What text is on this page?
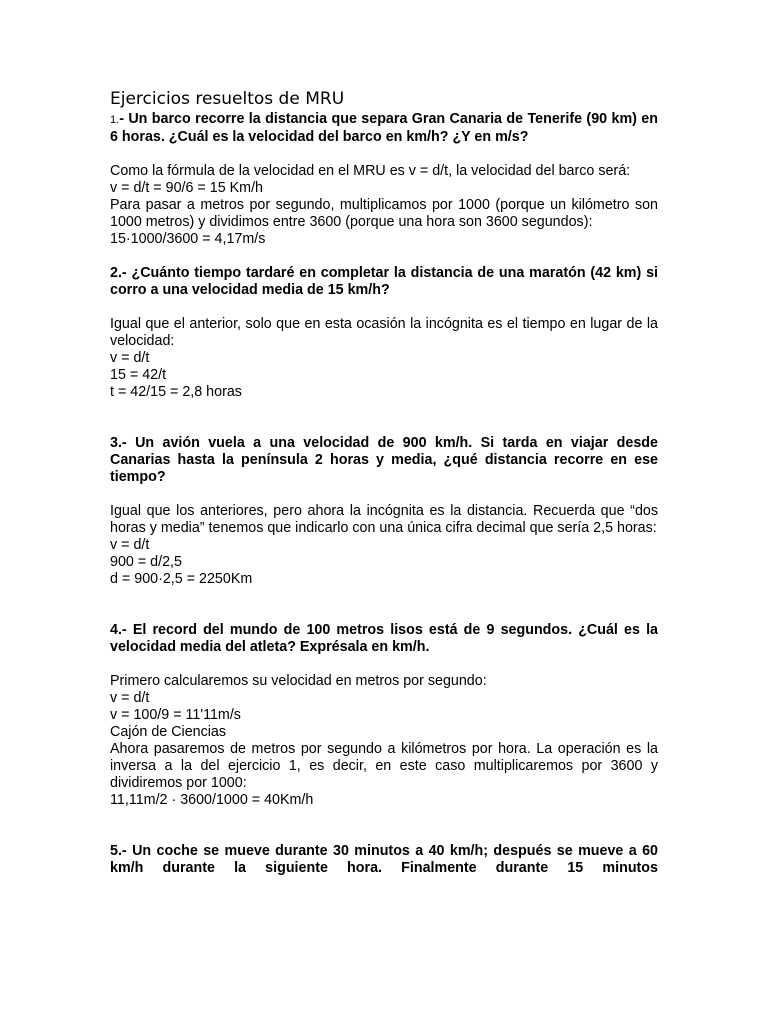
Ejercicios resueltos de MRU

1.- Un barco recorre la distancia que separa Gran Canaria de Tenerife (90 km) en 6 horas. ¿Cuál es la velocidad del barco en km/h? ¿Y en m/s?

Como la fórmula de la velocidad en el MRU es v = d/t, la velocidad del barco será:

v = d/t = 90/6 = 15 Km/h

Para pasar a metros por segundo, multiplicamos por 1000 (porque un kilómetro son 1000 metros) y dividimos entre 3600 (porque una hora son 3600 segundos):

15·1000/3600 = 4,17m/s

2.- ¿Cuánto tiempo tardaré en completar la distancia de una maratón (42 km) si corro a una velocidad media de 15 km/h?

Igual que el anterior, solo que en esta ocasión la incógnita es el tiempo en lugar de la velocidad:

v = d/t

15 = 42/t

t = 42/15 = 2,8 horas

3.- Un avión vuela a una velocidad de 900 km/h. Si tarda en viajar desde Canarias hasta la península 2 horas y media, ¿qué distancia recorre en ese tiempo?

Igual que los anteriores, pero ahora la incógnita es la distancia. Recuerda que “dos horas y media” tenemos que indicarlo con una única cifra decimal que sería 2,5 horas:

v = d/t

900 = d/2,5

d = 900·2,5 = 2250Km

4.- El record del mundo de 100 metros lisos está de 9 segundos. ¿Cuál es la velocidad media del atleta? Exprésala en km/h.

Primero calcularemos su velocidad en metros por segundo:

v = d/t

v = 100/9 = 11'11m/s

Cajón de Ciencias

Ahora pasaremos de metros por segundo a kilómetros por hora. La operación es la inversa a la del ejercicio 1, es decir, en este caso multiplicaremos por 3600 y dividiremos por 1000:

11,11m/2 · 3600/1000 = 40Km/h

5.- Un coche se mueve durante 30 minutos a 40 km/h; después se mueve a 60 km/h durante la siguiente hora. Finalmente durante 15 minutos
